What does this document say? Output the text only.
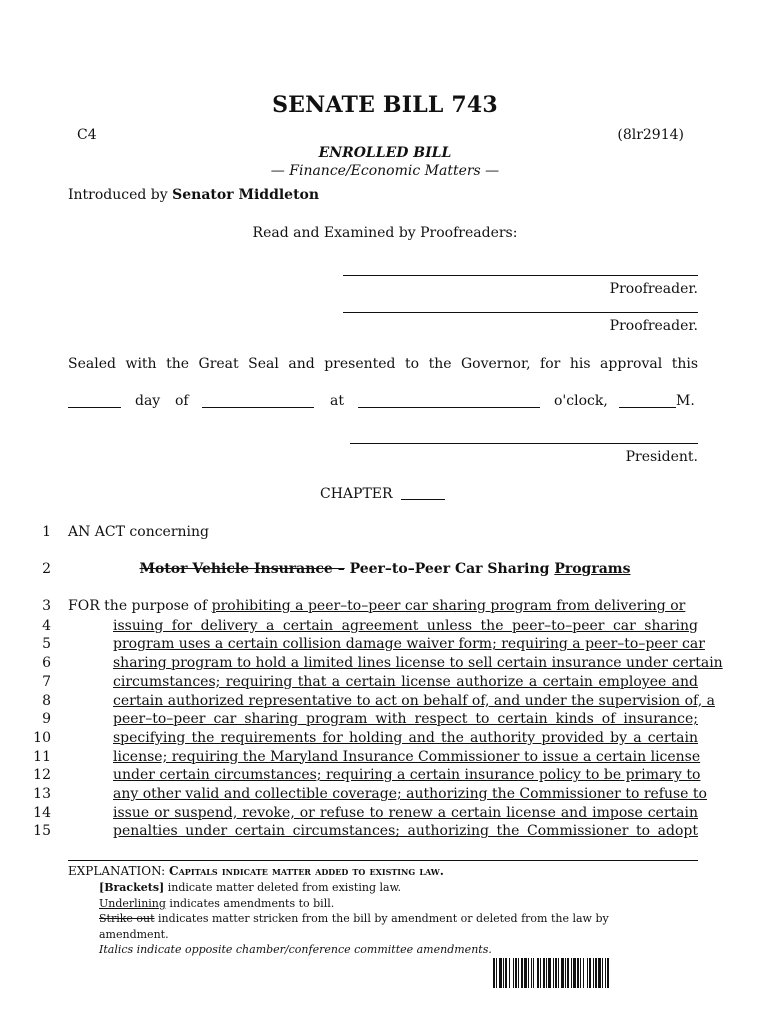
SENATE BILL 743
C4	(8lr2914)
ENROLLED BILL
— Finance/Economic Matters —
Introduced by Senator Middleton
Read and Examined by Proofreaders:
Proofreader.
Proofreader.
Sealed with the Great Seal and presented to the Governor, for his approval this
day of	at	o'clock,	M.
President.
CHAPTER
1 AN ACT concerning
2	Motor Vehicle Insurance – Peer–to–Peer Car Sharing Programs
3 FOR the purpose of prohibiting a peer–to–peer car sharing program from delivering or
issuing for delivery a certain agreement unless the peer–to–peer car sharing
program uses a certain collision damage waiver form; requiring a peer–to–peer car
sharing program to hold a limited lines license to sell certain insurance under certain
circumstances; requiring that a certain license authorize a certain employee and
certain authorized representative to act on behalf of, and under the supervision of, a
peer–to–peer car sharing program with respect to certain kinds of insurance;
specifying the requirements for holding and the authority provided by a certain
license; requiring the Maryland Insurance Commissioner to issue a certain license
under certain circumstances; requiring a certain insurance policy to be primary to
any other valid and collectible coverage; authorizing the Commissioner to refuse to
issue or suspend, revoke, or refuse to renew a certain license and impose certain
penalties under certain circumstances; authorizing the Commissioner to adopt
4
5
6
7
8
9
10
11
12
13
14
15
EXPLANATION: Capitals indicate matter added to existing law.
[Brackets] indicate matter deleted from existing law.
Underlining indicates amendments to bill.
Strike out indicates matter stricken from the bill by amendment or deleted from the law by
amendment.
Italics indicate opposite chamber/conference committee amendments.
